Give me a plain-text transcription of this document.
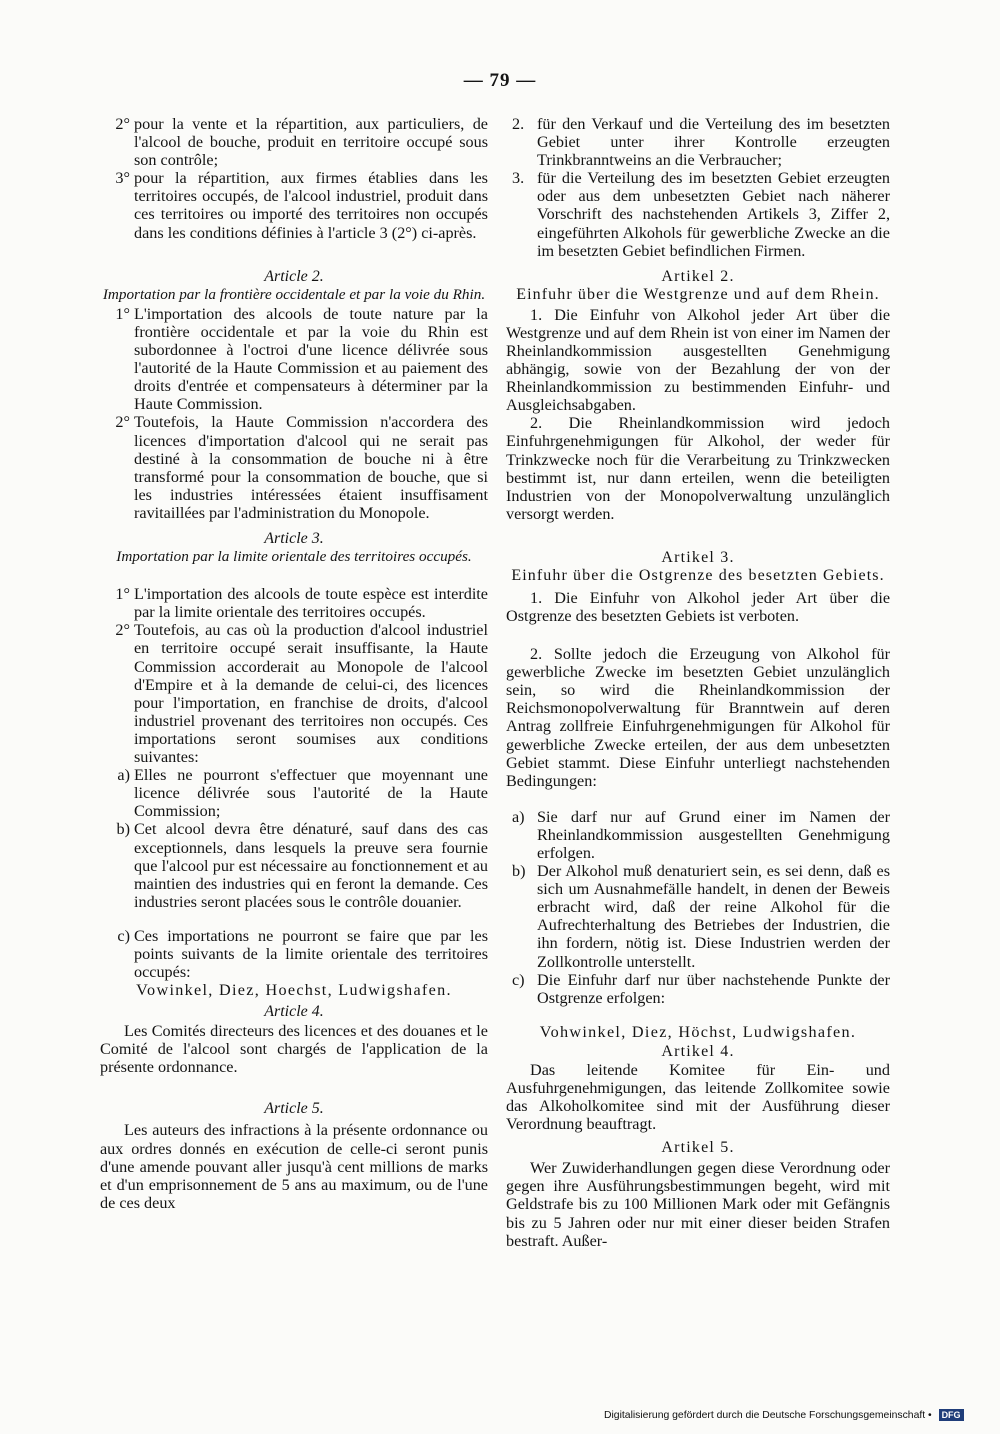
— 79 —
2° pour la vente et la répartition, aux particuliers, de l'alcool de bouche, produit en territoire occupé sous son contrôle;
3° pour la répartition, aux firmes établies dans les territoires occupés, de l'alcool industriel, produit dans ces territoires ou importé des territoires non occupés dans les conditions définies à l'article 3 (2°) ci-après.
Article 2.
Importation par la frontière occidentale et par la voie du Rhin.
1° L'importation des alcools de toute nature par la frontière occidentale et par la voie du Rhin est subordonnee à l'octroi d'une licence délivrée sous l'autorité de la Haute Commission et au paiement des droits d'entrée et compensateurs à déterminer par la Haute Commission.
2° Toutefois, la Haute Commission n'accordera des licences d'importation d'alcool qui ne serait pas destiné à la consommation de bouche ni à être transformé pour la consommation de bouche, que si les industries intéressées étaient insuffisament ravitaillées par l'administration du Monopole.
Article 3.
Importation par la limite orientale des territoires occupés.
1° L'importation des alcools de toute espèce est interdite par la limite orientale des territoires occupés.
2° Toutefois, au cas où la production d'alcool industriel en territoire occupé serait insuffisante, la Haute Commission accorderait au Monopole de l'alcool d'Empire et à la demande de celui-ci, des licences pour l'importation, en franchise de droits, d'alcool industriel provenant des territoires non occupés. Ces importations seront soumises aux conditions suivantes:
a) Elles ne pourront s'effectuer que moyennant une licence délivrée sous l'autorité de la Haute Commission;
b) Cet alcool devra être dénaturé, sauf dans des cas exceptionnels, dans lesquels la preuve sera fournie que l'alcool pur est nécessaire au fonctionnement et au maintien des industries qui en feront la demande. Ces industries seront placées sous le contrôle douanier.
c) Ces importations ne pourront se faire que par les points suivants de la limite orientale des territoires occupés:
Vowinkel, Diez, Hoechst, Ludwigshafen.
Article 4.
Les Comités directeurs des licences et des douanes et le Comité de l'alcool sont chargés de l'application de la présente ordonnance.
Article 5.
Les auteurs des infractions à la présente ordonnance ou aux ordres donnés en exécution de celle-ci seront punis d'une amende pouvant aller jusqu'à cent millions de marks et d'un emprisonnement de 5 ans au maximum, ou de l'une de ces deux
2. für den Verkauf und die Verteilung des im besetzten Gebiet unter ihrer Kontrolle erzeugten Trinkbranntweins an die Verbraucher;
3. für die Verteilung des im besetzten Gebiet erzeugten oder aus dem unbesetzten Gebiet nach näherer Vorschrift des nachstehenden Artikels 3, Ziffer 2, eingeführten Alkohols für gewerbliche Zwecke an die im besetzten Gebiet befindlichen Firmen.
Artikel 2.
Einfuhr über die Westgrenze und auf dem Rhein.
1. Die Einfuhr von Alkohol jeder Art über die Westgrenze und auf dem Rhein ist von einer im Namen der Rheinlandkommission ausgestellten Genehmigung abhängig, sowie von der Bezahlung der von der Rheinlandkommission zu bestimmenden Einfuhr- und Ausgleichsabgaben.
2. Die Rheinlandkommission wird jedoch Einfuhrgenehmigungen für Alkohol, der weder für Trinkzwecke noch für die Verarbeitung zu Trinkzwecken bestimmt ist, nur dann erteilen, wenn die beteiligten Industrien von der Monopolverwaltung unzulänglich versorgt werden.
Artikel 3.
Einfuhr über die Ostgrenze des besetzten Gebiets.
1. Die Einfuhr von Alkohol jeder Art über die Ostgrenze des besetzten Gebiets ist verboten.
2. Sollte jedoch die Erzeugung von Alkohol für gewerbliche Zwecke im besetzten Gebiet unzulänglich sein, so wird die Rheinlandkommission der Reichsmonopolverwaltung für Branntwein auf deren Antrag zollfreie Einfuhrgenehmigungen für Alkohol für gewerbliche Zwecke erteilen, der aus dem unbesetzten Gebiet stammt. Diese Einfuhr unterliegt nachstehenden Bedingungen:
a) Sie darf nur auf Grund einer im Namen der Rheinlandkommission ausgestellten Genehmigung erfolgen.
b) Der Alkohol muß denaturiert sein, es sei denn, daß es sich um Ausnahmefälle handelt, in denen der Beweis erbracht wird, daß der reine Alkohol für die Aufrechterhaltung des Betriebes der Industrien, die ihn fordern, nötig ist. Diese Industrien werden der Zollkontrolle unterstellt.
c) Die Einfuhr darf nur über nachstehende Punkte der Ostgrenze erfolgen:
Vohwinkel, Diez, Höchst, Ludwigshafen.
Artikel 4.
Das leitende Komitee für Ein- und Ausfuhrgenehmigungen, das leitende Zollkomitee sowie das Alkoholkomitee sind mit der Ausführung dieser Verordnung beauftragt.
Artikel 5.
Wer Zuwiderhandlungen gegen diese Verordnung oder gegen ihre Ausführungsbestimmungen begeht, wird mit Geldstrafe bis zu 100 Millionen Mark oder mit Gefängnis bis zu 5 Jahren oder nur mit einer dieser beiden Strafen bestraft. Außer-
Digitalisierung gefördert durch die Deutsche Forschungsgemeinschaft • DFG
